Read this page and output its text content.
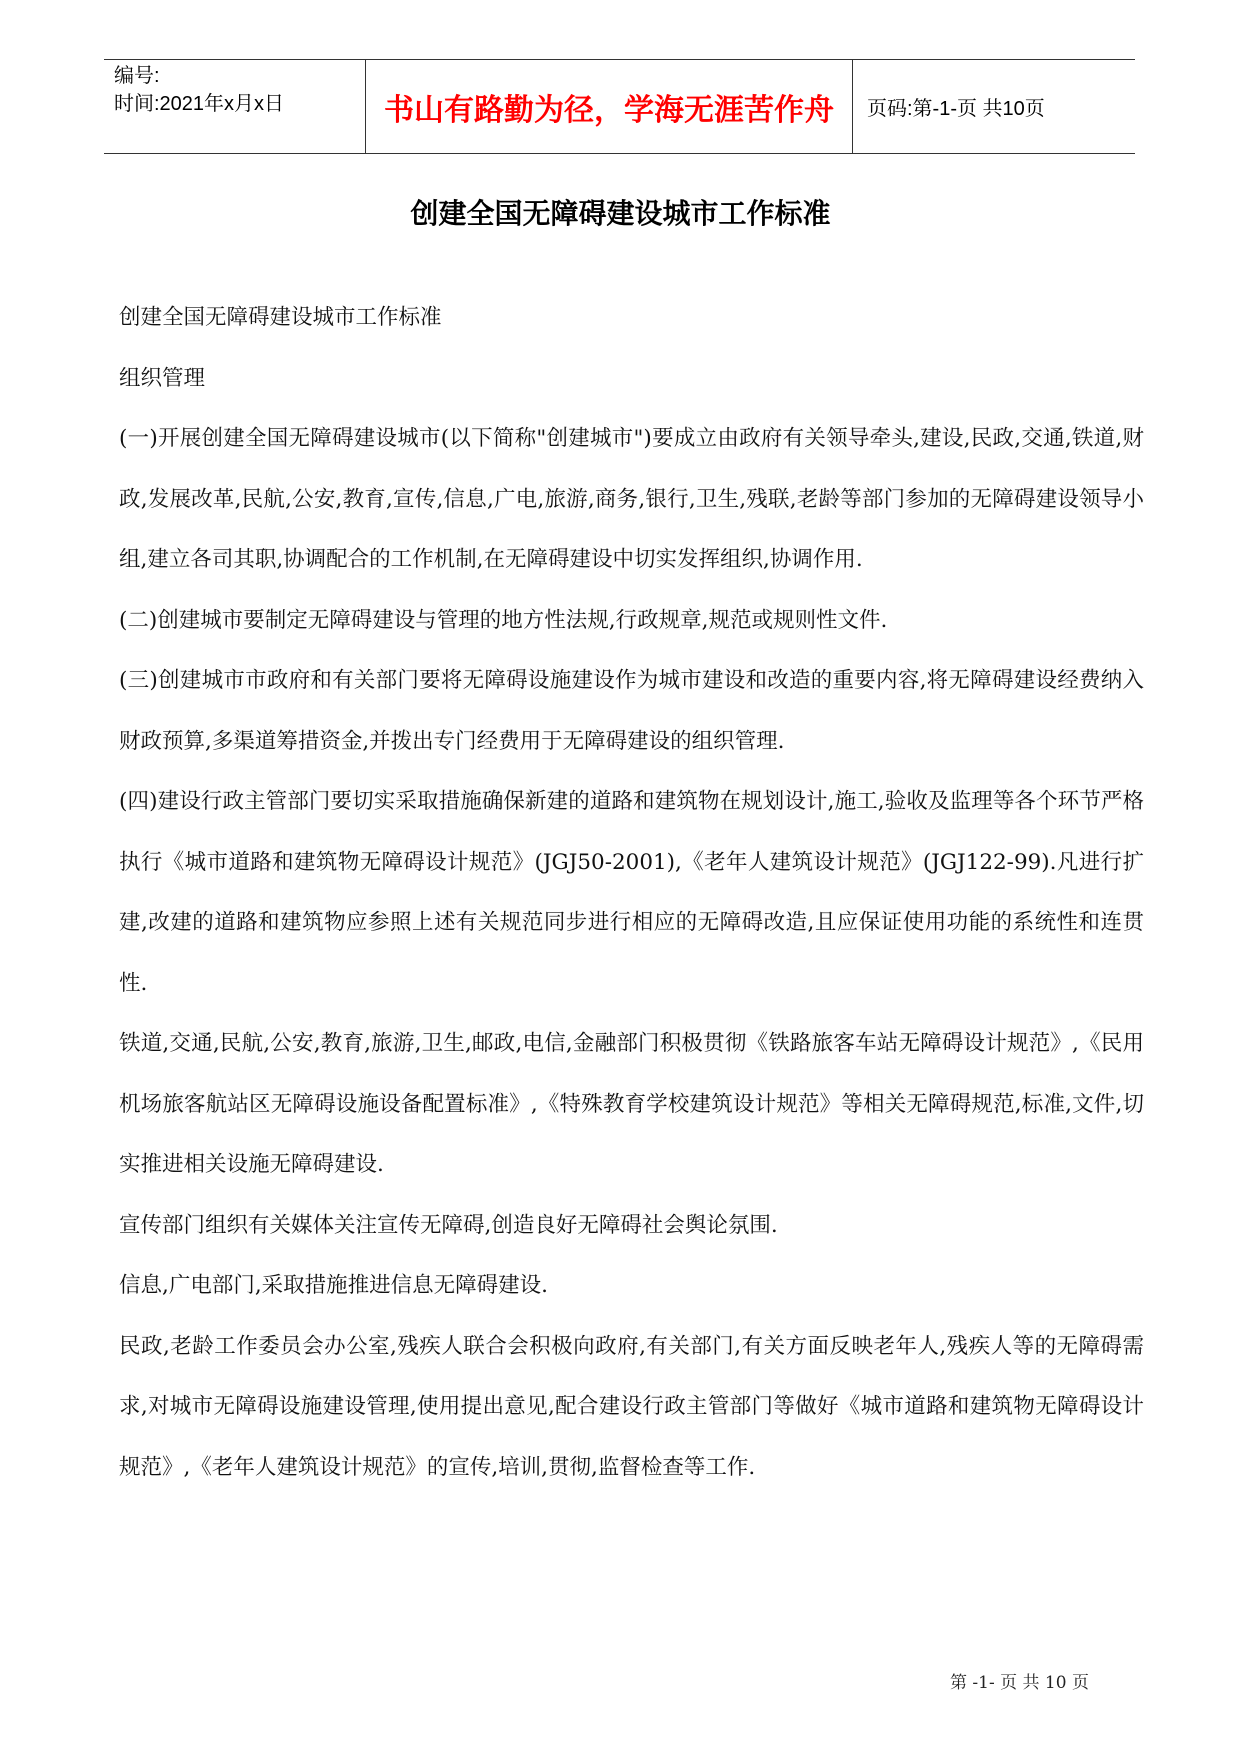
编号:
时间:2021年x月x日	书山有路勤为径，学海无涯苦作舟	页码:第-1-页 共10页
创建全国无障碍建设城市工作标准

创建全国无障碍建设城市工作标准

组织管理

(一)开展创建全国无障碍建设城市(以下简称"创建城市")要成立由政府有关领导牵头,建设,民政,交通,铁道,财政,发展改革,民航,公安,教育,宣传,信息,广电,旅游,商务,银行,卫生,残联,老龄等部门参加的无障碍建设领导小组,建立各司其职,协调配合的工作机制,在无障碍建设中切实发挥组织,协调作用.

(二)创建城市要制定无障碍建设与管理的地方性法规,行政规章,规范或规则性文件.

(三)创建城市市政府和有关部门要将无障碍设施建设作为城市建设和改造的重要内容,将无障碍建设经费纳入财政预算,多渠道筹措资金,并拨出专门经费用于无障碍建设的组织管理.

(四)建设行政主管部门要切实采取措施确保新建的道路和建筑物在规划设计,施工,验收及监理等各个环节严格执行《城市道路和建筑物无障碍设计规范》(JGJ50-2001),《老年人建筑设计规范》(JGJ122-99).凡进行扩建,改建的道路和建筑物应参照上述有关规范同步进行相应的无障碍改造,且应保证使用功能的系统性和连贯性.

铁道,交通,民航,公安,教育,旅游,卫生,邮政,电信,金融部门积极贯彻《铁路旅客车站无障碍设计规范》,《民用机场旅客航站区无障碍设施设备配置标准》,《特殊教育学校建筑设计规范》等相关无障碍规范,标准,文件,切实推进相关设施无障碍建设.

宣传部门组织有关媒体关注宣传无障碍,创造良好无障碍社会舆论氛围.

信息,广电部门,采取措施推进信息无障碍建设.

民政,老龄工作委员会办公室,残疾人联合会积极向政府,有关部门,有关方面反映老年人,残疾人等的无障碍需求,对城市无障碍设施建设管理,使用提出意见,配合建设行政主管部门等做好《城市道路和建筑物无障碍设计规范》,《老年人建筑设计规范》的宣传,培训,贯彻,监督检查等工作.

第 -1- 页 共 10 页
